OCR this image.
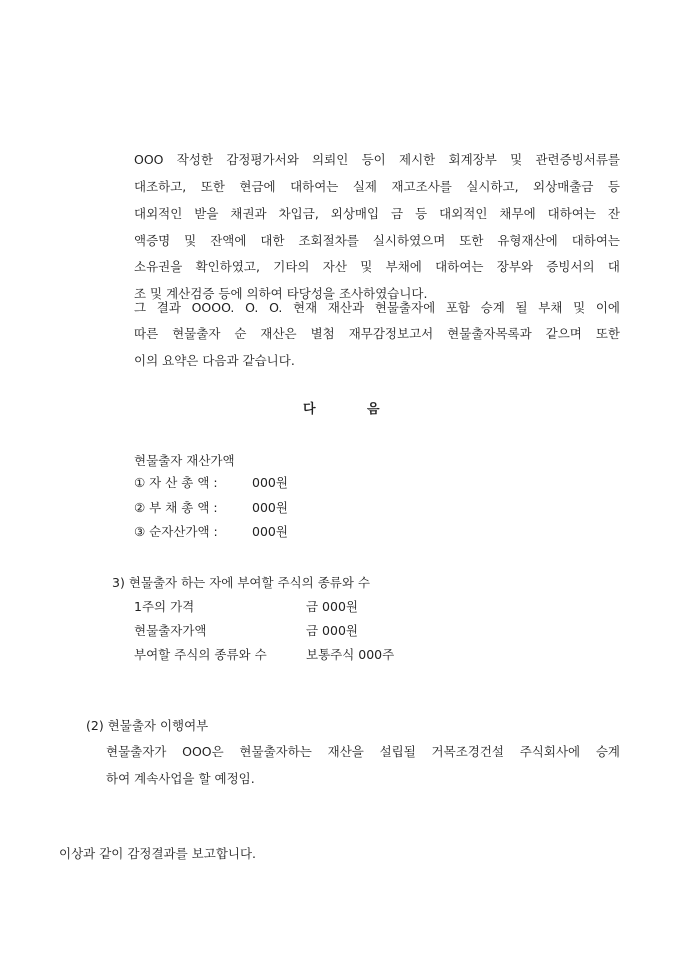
OOO 작성한 감정평가서와 의뢰인 등이 제시한 회계장부 및 관련증빙서류를
대조하고, 또한 현금에 대하여는 실제 재고조사를 실시하고, 외상매출금 등
대외적인 받을 채권과 차입금, 외상매입 금 등 대외적인 채무에 대하여는 잔
액증명 및 잔액에 대한 조회절차를 실시하였으며 또한 유형재산에 대하여는
소유권을 확인하였고, 기타의 자산 및 부채에 대하여는 장부와 증빙서의 대
조 및 계산검증 등에 의하여 타당성을 조사하였습니다.
그 결과 OOOO. O. O. 현재 재산과 현물출자에 포함 승계 될 부채 및 이에
따른 현물출자 순 재산은 별첨 재무감정보고서 현물출자목록과 같으며 또한
이의 요약은 다음과 같습니다.
다	음
현물출자 재산가액
① 자 산 총 액 :	000원
② 부 채 총 액 :	000원
③ 순자산가액 :	000원
3) 현물출자 하는 자에 부여할 주식의 종류와 수
1주의 가격	금 000원
현물출자가액	금 000원
부여할 주식의 종류와 수	보통주식 000주
(2) 현물출자 이행여부
현물출자가 OOO은 현물출자하는 재산을 설립될 거목조경건설 주식회사에 승계
하여 계속사업을 할 예정임.
이상과 같이 감정결과를 보고합니다.
